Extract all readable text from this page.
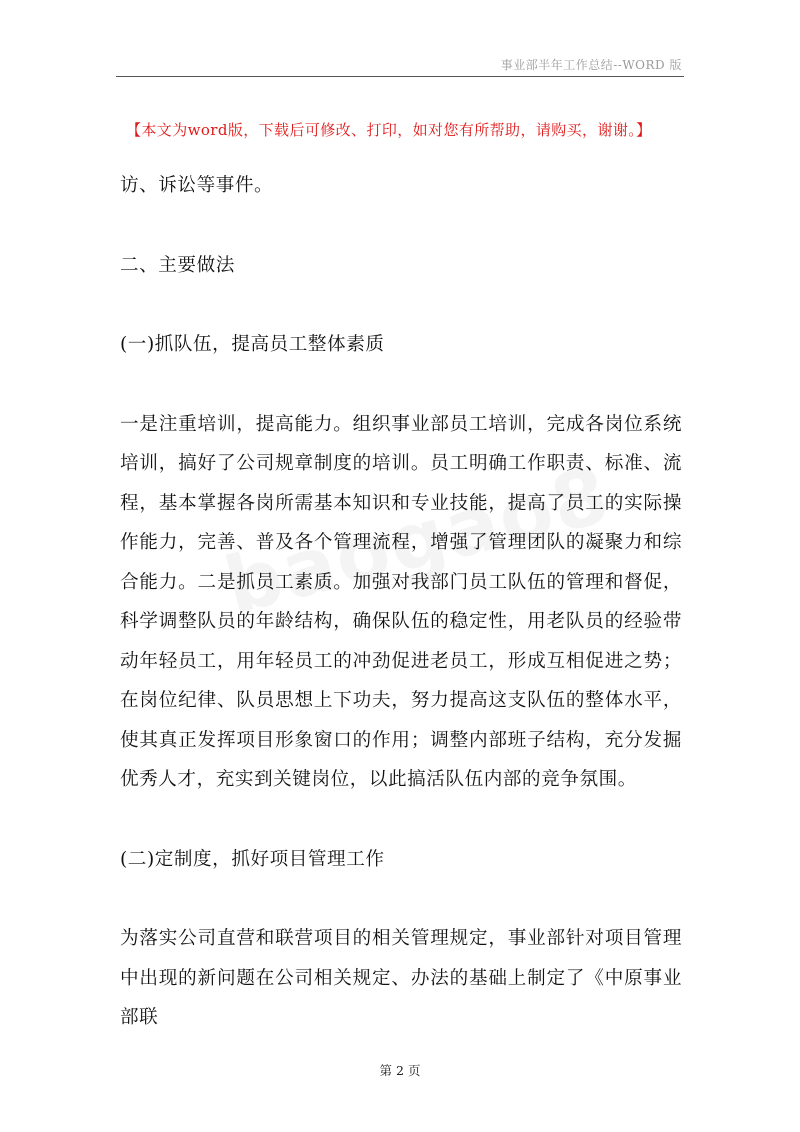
事业部半年工作总结--WORD 版
【本文为word版，下载后可修改、打印，如对您有所帮助，请购买，谢谢。】

访、诉讼等事件。

二、主要做法

(一)抓队伍，提高员工整体素质

一是注重培训，提高能力。组织事业部员工培训，完成各岗位系统培训，搞好了公司规章制度的培训。员工明确工作职责、标准、流程，基本掌握各岗所需基本知识和专业技能，提高了员工的实际操作能力，完善、普及各个管理流程，增强了管理团队的凝聚力和综合能力。二是抓员工素质。加强对我部门员工队伍的管理和督促，科学调整队员的年龄结构，确保队伍的稳定性，用老队员的经验带动年轻员工，用年轻员工的冲劲促进老员工，形成互相促进之势；在岗位纪律、队员思想上下功夫，努力提高这支队伍的整体水平，使其真正发挥项目形象窗口的作用；调整内部班子结构，充分发掘优秀人才，充实到关键岗位，以此搞活队伍内部的竞争氛围。

(二)定制度，抓好项目管理工作

为落实公司直营和联营项目的相关管理规定，事业部针对项目管理中出现的新问题在公司相关规定、办法的基础上制定了《中原事业部联

第 2 页
